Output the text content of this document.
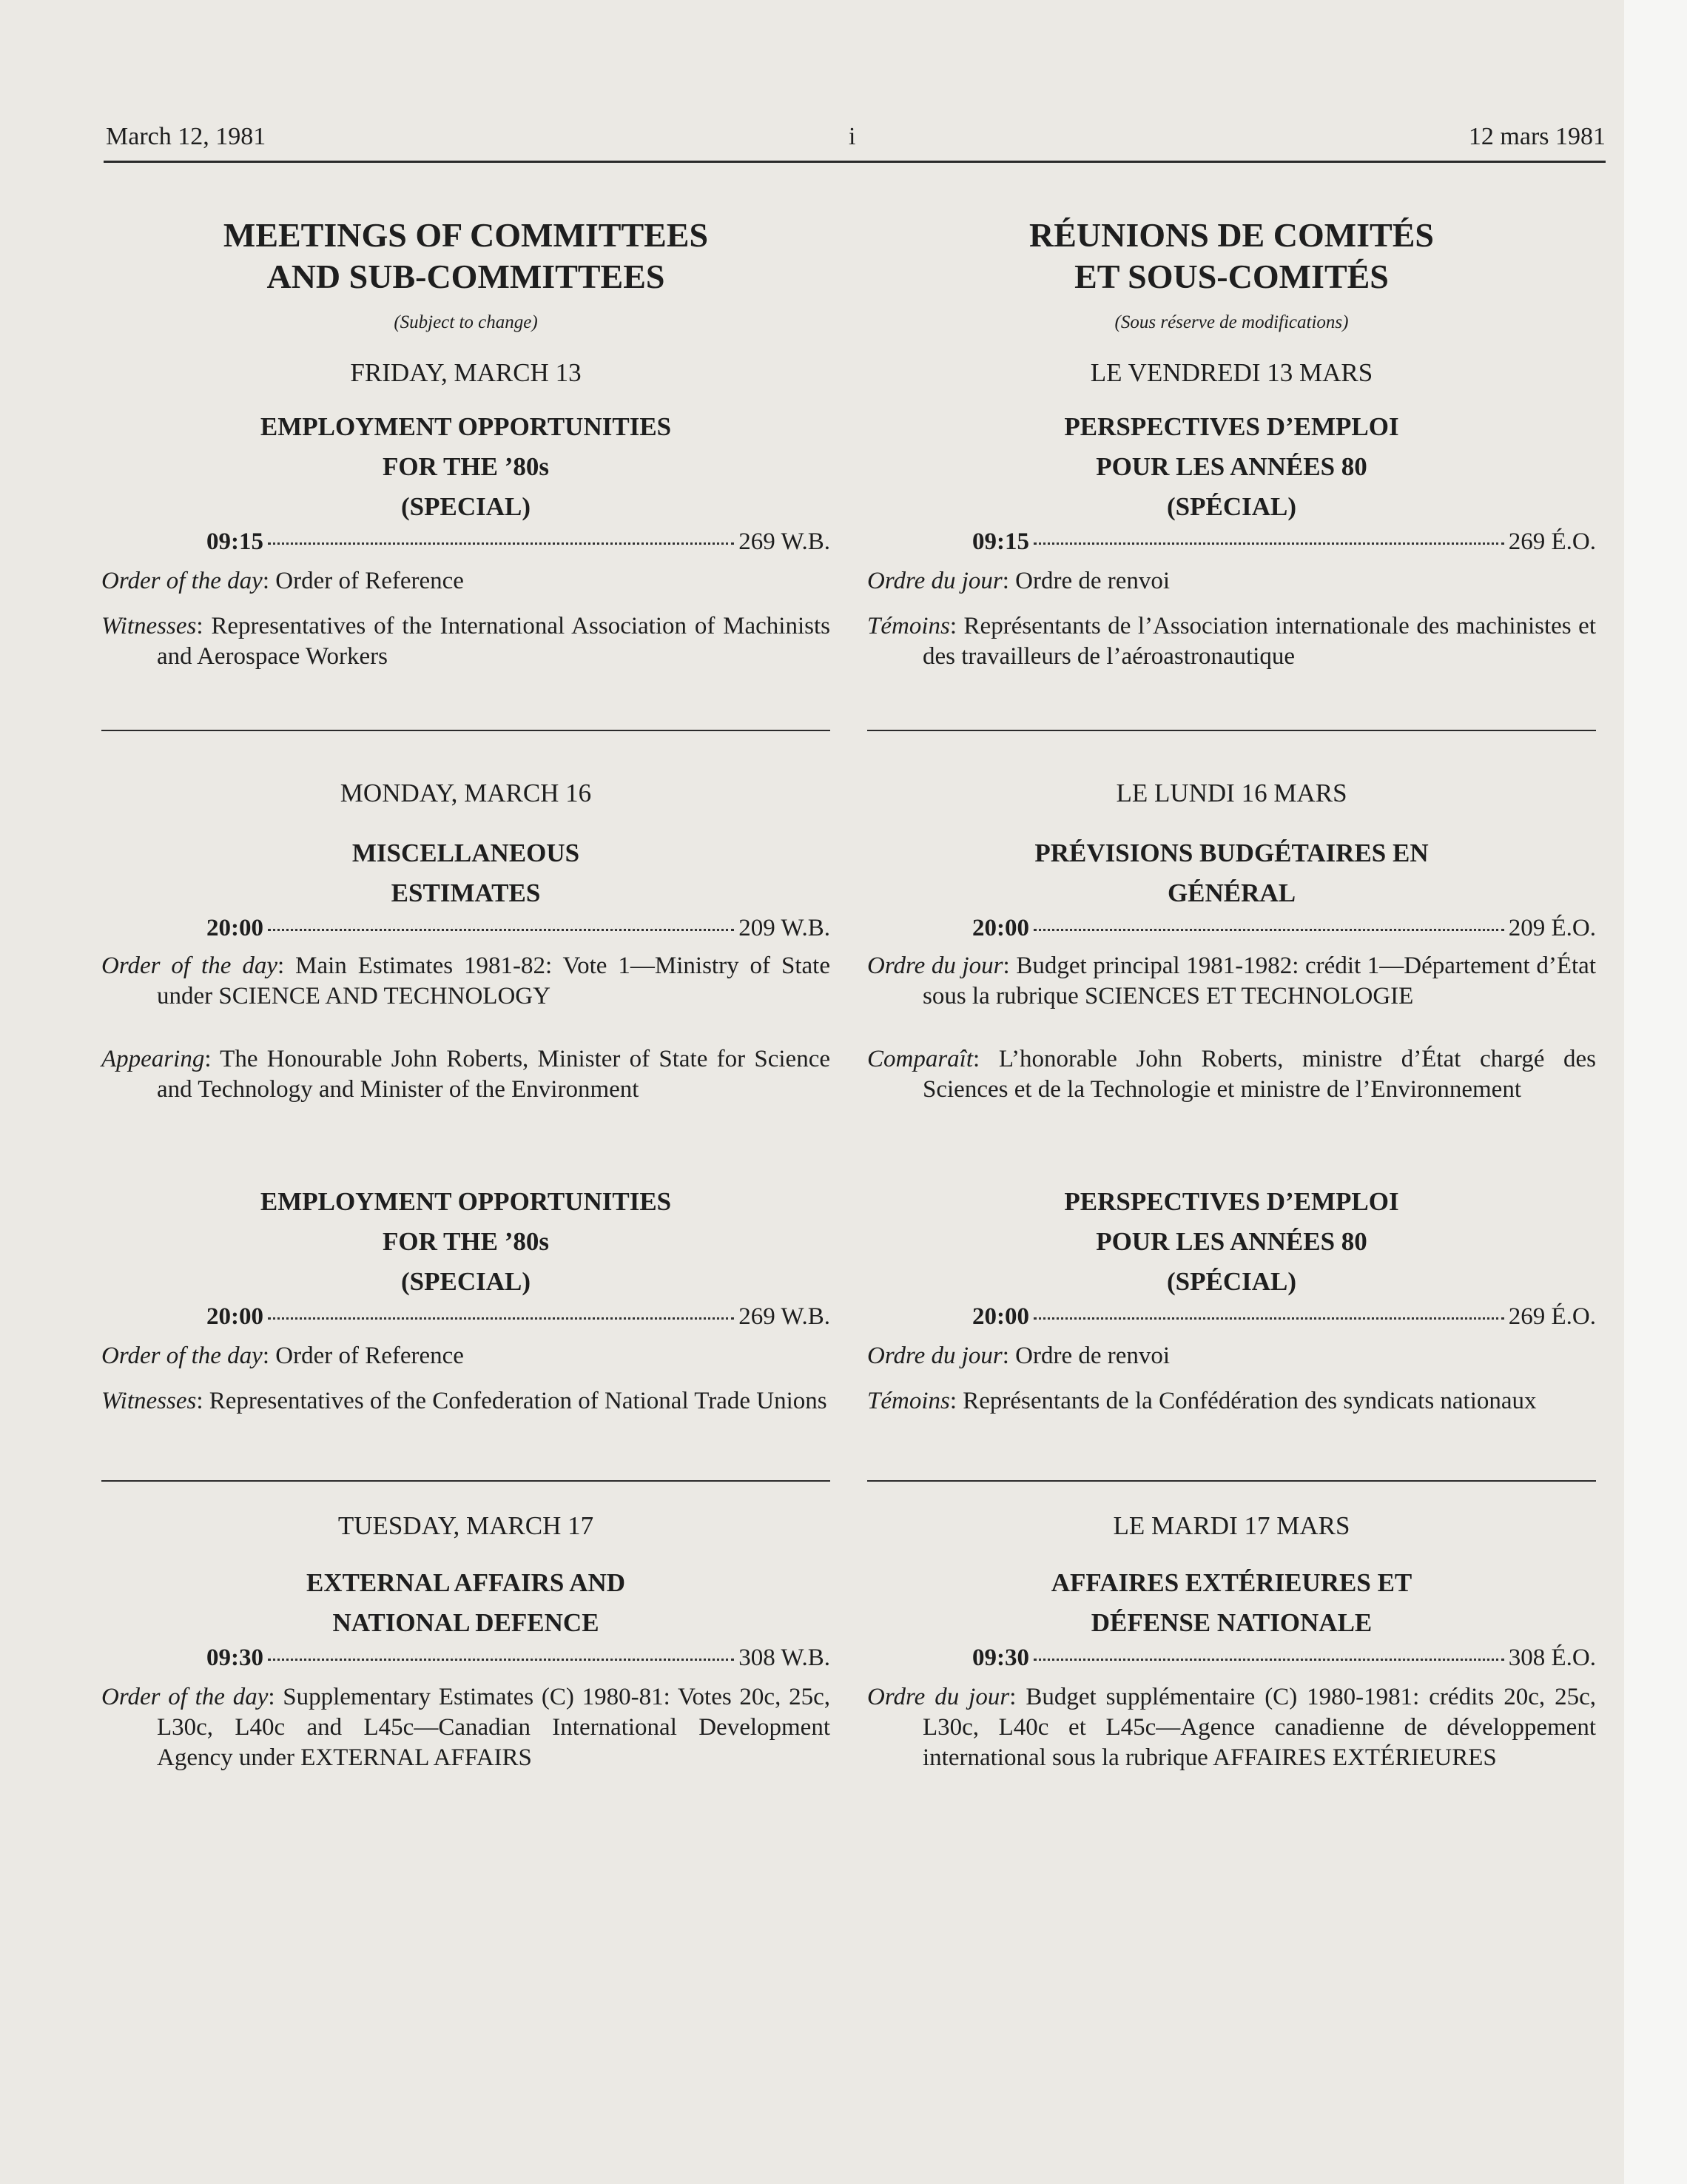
March 12, 1981	i	12 mars 1981

MEETINGS OF COMMITTEES

AND SUB-COMMITTEES

(Subject to change)

FRIDAY, MARCH 13

EMPLOYMENT OPPORTUNITIES

FOR THE ’80s

(SPECIAL)

09:15	269 W.B.

Order of the day: Order of Reference

Witnesses: Representatives of the International Association of Machinists and Aerospace Workers

MONDAY, MARCH 16

MISCELLANEOUS

ESTIMATES

20:00	209 W.B.

Order of the day: Main Estimates 1981-82: Vote 1—Ministry of State under SCIENCE AND TECHNOLOGY

Appearing: The Honourable John Roberts, Minister of State for Science and Technology and Minister of the Environment

EMPLOYMENT OPPORTUNITIES

FOR THE ’80s

(SPECIAL)

20:00	269 W.B.

Order of the day: Order of Reference

Witnesses: Representatives of the Confederation of National Trade Unions

TUESDAY, MARCH 17

EXTERNAL AFFAIRS AND

NATIONAL DEFENCE

09:30	308 W.B.

Order of the day: Supplementary Estimates (C) 1980-81: Votes 20c, 25c, L30c, L40c and L45c—Canadian International Development Agency under EXTERNAL AFFAIRS

RÉUNIONS DE COMITÉS

ET SOUS-COMITÉS

(Sous réserve de modifications)

LE VENDREDI 13 MARS

PERSPECTIVES D’EMPLOI

POUR LES ANNÉES 80

(SPÉCIAL)

09:15	269 É.O.

Ordre du jour: Ordre de renvoi

Témoins: Représentants de l’Association internationale des machinistes et des travailleurs de l’aéroastronautique

LE LUNDI 16 MARS

PRÉVISIONS BUDGÉTAIRES EN

GÉNÉRAL

20:00	209 É.O.

Ordre du jour: Budget principal 1981-1982: crédit 1—Département d’État sous la rubrique SCIENCES ET TECHNOLOGIE

Comparaît: L’honorable John Roberts, ministre d’État chargé des Sciences et de la Technologie et ministre de l’Environnement

PERSPECTIVES D’EMPLOI

POUR LES ANNÉES 80

(SPÉCIAL)

20:00	269 É.O.

Ordre du jour: Ordre de renvoi

Témoins: Représentants de la Confédération des syndicats nationaux

LE MARDI 17 MARS

AFFAIRES EXTÉRIEURES ET

DÉFENSE NATIONALE

09:30	308 É.O.

Ordre du jour: Budget supplémentaire (C) 1980-1981: crédits 20c, 25c, L30c, L40c et L45c—Agence canadienne de développement international sous la rubrique AFFAIRES EXTÉRIEURES
